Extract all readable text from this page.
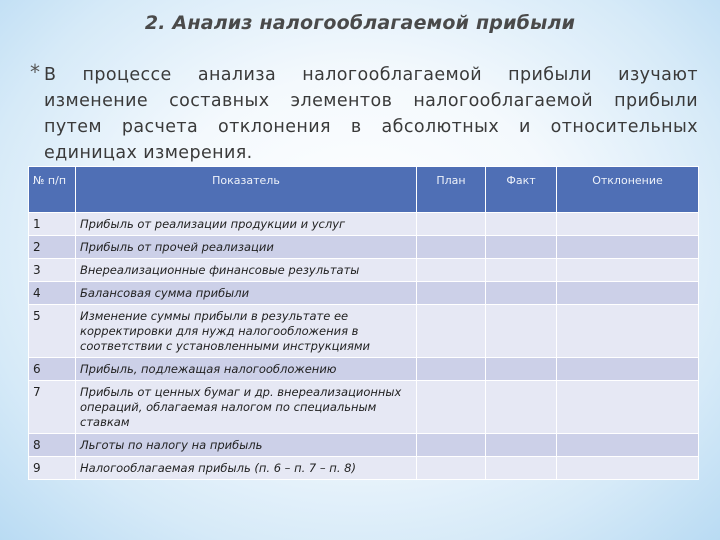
2. Анализ налогооблагаемой прибыли
* В процессе анализа налогооблагаемой прибыли изучают изменение составных элементов налогооблагаемой прибыли путем расчета отклонения в абсолютных и относительных единицах измерения.
№ п/п	Показатель	План	Факт	Отклонение
1	Прибыль от реализации продукции и услуг			
2	Прибыль от прочей реализации			
3	Внереализационные финансовые результаты			
4	Балансовая сумма прибыли			
5	Изменение суммы прибыли в результате ее корректировки для нужд налогообложения в соответствии с установленными инструкциями			
6	Прибыль, подлежащая налогообложению			
7	Прибыль от ценных бумаг и др. внереализационных операций, облагаемая налогом по специальным ставкам			
8	Льготы по налогу на прибыль			
9	Налогооблагаемая прибыль (п. 6 – п. 7 – п. 8)			
